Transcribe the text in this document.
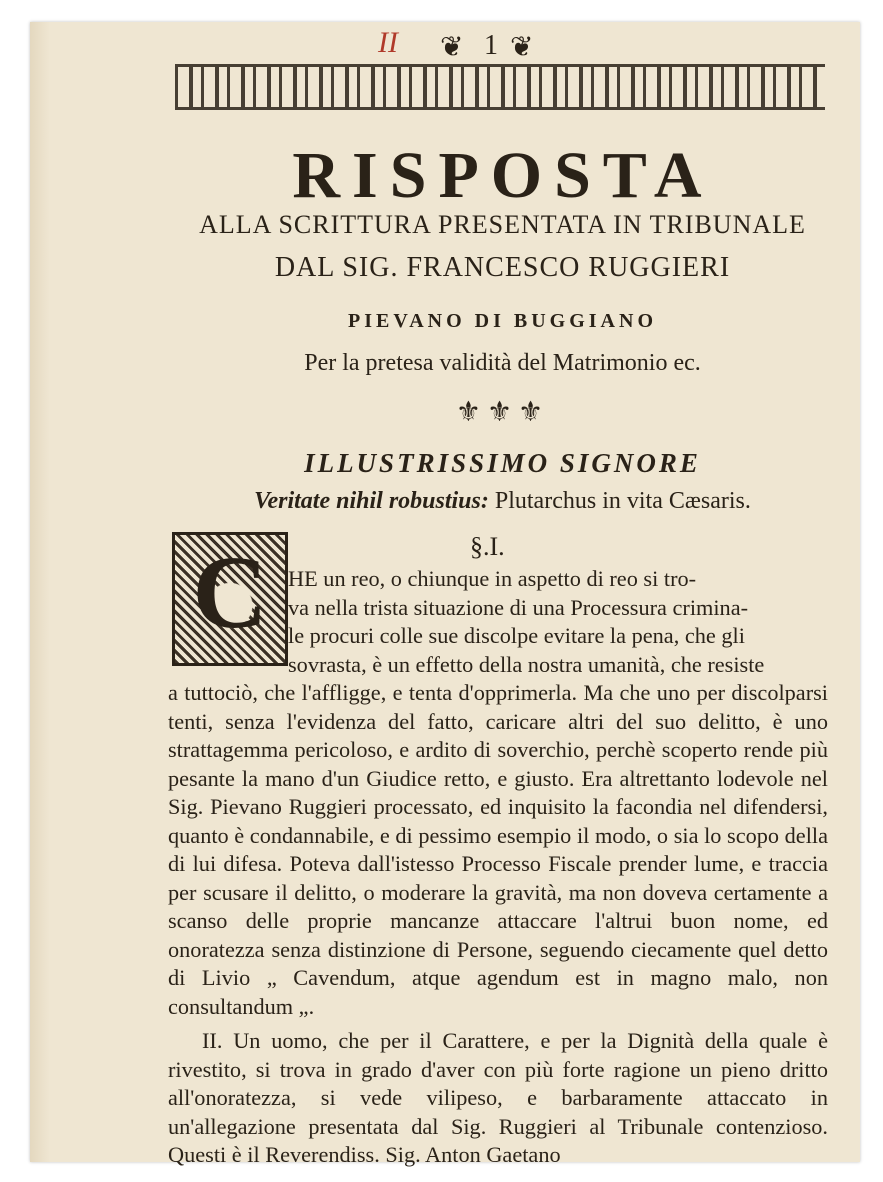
II ❦ 1 ❦
RISPOSTA
ALLA SCRITTURA PRESENTATA IN TRIBUNALE
DAL SIG. FRANCESCO RUGGIERI
PIEVANO DI BUGGIANO
Per la pretesa validità del Matrimonio ec.
⚜⚜⚜
ILLUSTRISSIMO SIGNORE
Veritate nihil robustius: Plutarchus in vita Cæsaris.
C	§.I.

HE un reo, o chiunque in aspetto di reo si tro-
va nella trista situazione di una Processura crimina-
le procuri colle sue discolpe evitare la pena, che gli
sovrasta, è un effetto della nostra umanità, che resiste
a tuttociò, che l'affligge, e tenta d'opprimerla. Ma che uno per discolparsi tenti, senza l'evidenza del fatto, caricare altri del suo delitto, è uno strattagemma pericoloso, e ardito di soverchio, perchè scoperto rende più pesante la mano d'un Giudice retto, e giusto. Era altrettanto lodevole nel Sig. Pievano Ruggieri processato, ed inquisito la facondia nel difendersi, quanto è condannabile, e di pessimo esempio il modo, o sia lo scopo della di lui difesa. Poteva dall'istesso Processo Fiscale prender lume, e traccia per scusare il delitto, o moderare la gravità, ma non doveva certamente a scanso delle proprie mancanze attaccare l'altrui buon nome, ed onoratezza senza distinzione di Persone, seguendo ciecamente quel detto di Livio „ Cavendum, atque agendum est in magno malo, non consultandum „.

II. Un uomo, che per il Carattere, e per la Dignità della quale è rivestito, si trova in grado d'aver con più forte ragione un pieno dritto all'onoratezza, si vede vilipeso, e barbaramente attaccato in un'allegazione presentata dal Sig. Ruggieri al Tribunale contenzioso. Questi è il Reverendiss. Sig. Anton Gaetano
